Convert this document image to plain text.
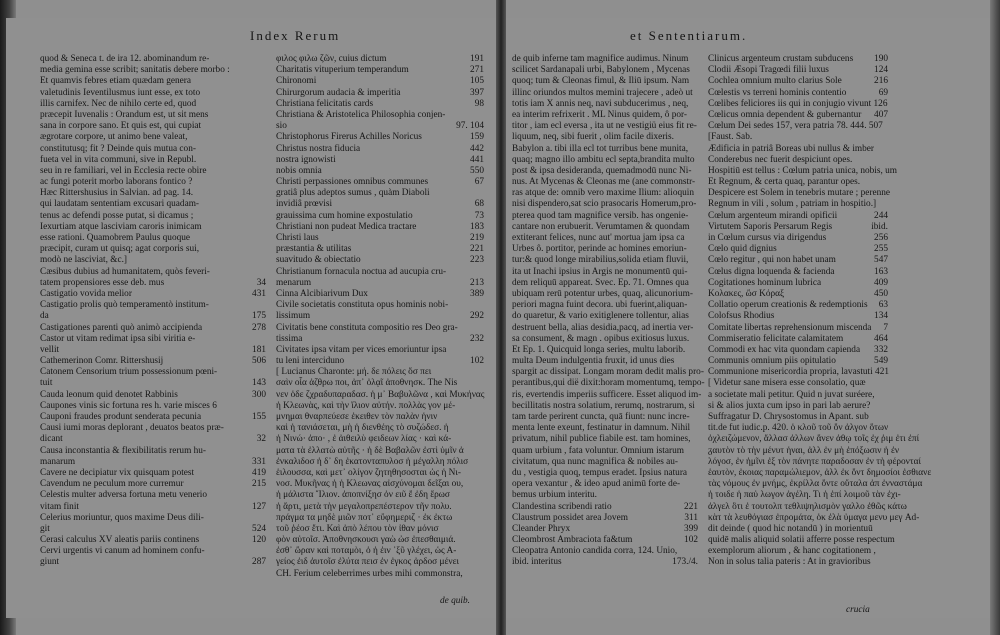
Index Rerum	et Sententiarum.
quod & Seneca t. de ira 12. abominandum re-
media gemina esse scribit; sanitatis debere morbo :
Et quamvis febres etiam quædam genera
valetudinis Ieventilusmus iunt esse, ex toto
illis carnifex. Nec de nihilo certe ed, quod
præcepit Iuvenalis : Orandum est, ut sit mens
sana in corpore sano. Et quis est, qui cupiat
ægrotare corpore, ut animo bene valeat,
constitutusq; fit ? Deinde quis mutua con-
fueta vel in vita communi, sive in Republ.
seu in re familiari, vel in Ecclesia recte obire
ac fungi poterit morbo laborans fontico ?
Hæc Rittershusius in Salvian. ad pag. 14.
qui laudatam sententiam excusari quadam-
tenus ac defendi posse putat, si dicamus ;
Iexurtiam atque lasciviam caroris inimicam
esse rationi. Quamobrem Paulus quoque
præcipit, curam ut quisq; agat corporis sui,
modò ne lasciviat, &c.]
Cæsibus dubius ad humanitatem, quòs feveri-
tatem propensiores esse deb. mus	34
Castigatio vovida melior	431
Castigatio prolis quò temperamentò institum-
da	175
Castigationes parenti quò animò accipienda	278
Castor ut vitam redimat ipsa sibi viritia e-
vellit	181
Cathemerinon Comr. Rittershusij	506
Catonem Censorium trium possessionum pœni-
tuit	143
Cauda leonum quid denotet Rabbinis	300
Caupones vinis sic fortuna res h. varie misces 6
Cauponi fraudes produnt senderata pecunia	155
Causi iumi moras deplorant , deuatos beatos præ-
dicant	32
Causa inconstantia & flexibilitatis rerum hu-
manarum	331
Cavere ne decipiatur vix quisquam potest	419
Cavendum ne peculum more curremur	215
Celestis multer adversa fortuna metu venerio
vitam finit	127
Celerius moriuntur, quos maxime Deus dili-
git	524
Cerasi calculus XV aleatis pariis continens	120
Cervi urgentis vi canum ad hominem confu-
giunt	287
φιλος φιλω ζῶν, cuius dictum	191
Charitatis vituperium temperandum	271
Chironomi	105
Chirurgorum audacia & imperitia	397
Christiana felicitatis cards	98
Christiana & Aristotelica Philosophia conjen-
sio	97. 104
Christophorus Firerus Achilles Noricus	159
Christus nostra fiducia	442
nostra ignowisti	441
nobis omnia	550
Christi perpassiones omnibus communes	67
gratiâ plus adeptos sumus , quàm Diaboli
invidiâ prœvisi	68
grauissima cum homine expostulatio	73
Christiani non pudeat Medica tractare	183
Christi laus	219
præstantia & utilitas	221
suavitudo & obiectatio	223
Christianum fornacula noctua ad aucupia cru-
menarum	213
Cinna Alcibiarivum Dux	389
Civile societatis constituta opus hominis nobi-
lissimum	292
Civitatis bene constituta compositio res Deo gra-
tissima	232
Civitates ipsa vitam per vices emoriuntur ipsa
tu leni interciduno	102
[ Lucianus Charonte: μή. δε πόλεις ὅσ πει
σαὶν οἷα ἀζθρω ποι, ἀπ᾽ ὀλᾳῖ ἀποθνησκ. The Nis
νεν ὁδε ζχραδυπαραδασ. ἡ μ᾽ Βαβυλῶνα , καὶ Μυκήνας
ἡ Κλεωνὰς, καὶ τὴν ἴλιον αὐτήν. πολλὰς γον μέ-
μνημαι θναρπεύεσε ἐκειθεν τὸν παλὰν ἡνιν
καὶ ἡ τανιάσεται, μὴ ἡ διενθέης τὸ συζώδεσ. ἡ
ἡ Νινώ· ἀπο· , ἐ ἀιθειλὺ φειδεων λίας · καὶ κά-
ματα τὰ ἐλλατὼ αὐτῆς · ἡ δὲ Βαβαλῶν ἐστὶ ὑμῖν ἀ
ἐνκαλιδοσ ἡ δ᾽ δη ἐκατονταπυλοσ ἡ μέγαλλη πόλισ
ἑιλουσσα, καὶ μετ᾽ ολίγον ζητηθησοσται ὡς ἡ Νι-
νοσ. Μυκῆνας ἡ ἡ Κλεωνας αἰσχύνομαι δεῖξαι ου,
ἡ μάλιστα Ἴλιον. ἀποπνίξησ ὀν ειῦ ἔ ἐδη ἔρωσ
ἡ ἄρτι, μετὰ τὴν μεγαλοπρεπέστερον τῆν πολυ.
πράγμα τα μηδὲ μιῶν ποτ᾽ εὔφημεριζ · ἐκ ἐκτω
τοῦ ῥέοσ ἔτι. Καὶ ἀπὸ λέπου τὸν ἰθαν μόνισ
φὸν αὐτοῖσ. Ἀποθνησκουσι γαὼ ὠσ ἐπεσθαιμιά.
ἐσθ᾽ ὥραν καὶ ποταμὸι, ὁ ἡ ἐιν ᾽ξῦ γλέχει, ὡς Α-
γείος ἐιδ ἀυτοῖσ ἐλύτα πεισ ἐν ἐγκος ἀρδοσ μένει
CH. Ferium celeberrimes urbes mihi commonstra,
de quib inferne tam magnifice audimus. Ninum
scilicet Sardanapali urbi, Babylonem , Mycenas
quoq; tum & Cleonas fimul, & Iliū ipsum. Nam
illinc oriundos multos memini trajecere , adeò ut
totis iam X annis neq, navi subducerimus , neq,
ea interim refrixerit . ML Ninus quidem, ô por-
titor , iam ecl eversa , ita ut ne vestigiü eius fit re-
liquum, neq, sibi fuerit , olim facile dixeris.
Babylon a. tibi illa ecl tot turribus bene munita,
quaq; magno illo ambitu ecl septa,brandita multo
post & ipsa desideranda, quemadmodū nunc Ni-
nus. At Mycenas & Cleonas me (ane commonstr-
ras atque de: omnib vero maxime Ilium: alioquin
nisi dispendero,sat scio prasocaris Homerum,pro-
pterea quod tam magnifice versib. has ongenie-
cantare non erubuerit. Verumtamen & quondam
extiterant felices, nunc aut' mortua jam ipsa ca
Urbes ô. portitor, perinde ac homines emoriun-
tur:& quod longe mirabilius,solida etiam fluvii,
ita ut Inachi ipsius in Argis ne monumentū qui-
dem reliquū appareat. Svec. Ep. 71. Omnes qua
ubiquam rerū potentur urbes, quaq, alicunorium-
periori magna fuint decora. ubi fuerint,aliquan-
do quaretur, & vario exitiglenere tollentur, alias
destruent bella, alias desidia,pacq, ad inertia ver-
sa consument, & magn . opibus exitiosus luxus.
Et Ep. 1. Quicquid longa series, multu laborib.
multa Deum indulgentia fruxit, id unus dies
spargit ac dissipat. Longam moram dedit malis pro-
perantibus,qui dië dixit:horam momentumq, tempo-
ris, evertendis imperiis sufficere. Esset aliquod im-
becillitatis nostra solatium, rerumq, nostrarum, si
tam tarde perirent cuncta, quā fiunt: nunc incre-
menta lente exeunt, festinatur in damnum. Nihil
privatum, nihil publice fiabile est. tam homines,
quam urbium , fata voluntur. Omnium istarum
civitatum, qua nunc magnifica & nobiles au-
du , vestigia quoq, tempus eradet. Ipsius natura
opera vexantur , & ideo apud animū forte de-
bemus urbium interitu.
Clandestina scribendi ratio	221
Claustrum possidet area Jovem	311
Cleander Phryx	399
Cleombrost Ambraciota fa&tum	102
Cleopatra Antonio candida corra, 124. Unio,
ibid. interitus	173./4.
Clinicus argenteum crustam subducens 190
Clodii Æsopi Tragœdi filii luxus	124
Cochlea omnium multo clarius Sole	216
Cœlestis vs terreni hominis contentio	69
Cœlibes feliciores iis qui in conjugio vivunt 126
Cœlicus omnia dependent & gubernantur 407
Cœlum Dei sedes 157, vera patria 78. 444. 507
[Faust. Sab.
Ædificia in patriâ Boreas ubi nullus & imber
Conderebus nec fuerit despiciunt opes.
Hospitiū est tellus : Cœlum patria unica, nobis, um
Et Regnum, & certa quaq, parantur opes.
Despicere est Solem in tenebris mutare ; perenne
Regnum in vili , solum , patriam in hospitio.]
Cœlum argenteum mirandi opificii	244
Virtutem Saporis Persarum Regis	ibid.
in Cœlum cursus via dirigendus	256
Cœlo quid dignius	255
Cœlo regitur , qui non habet unam	547
Cœlus digna loquenda & facienda	163
Cogitationes hominum lubrica	409
Κολακες, ὥσ Κόραξ	450
Collatio operum creationis & redemptionis 63
Colofsus Rhodius	134
Comitate libertas reprehensionum miscenda 7
Commiseratio felicitate calamitatem	464
Commodi ex hac vita quondam capienda 332
Communis omnium piis opitulatio	549
Communione misericordia propria, lavastuti 421
[ Videtur sane misera esse consolatio, quæ
a societate mali petitur. Quid n juvat suréere,
si & alios juxta cum ipso in pari lab aerure?
Suffragatur D. Chrysostomus in Apant. sub
tit.de fut iudic.p. 420. ὁ κλοῦ τοῦ ὄν ἀλγον ὅτων
ὀχλειζώμενον, ἄλλασ ἀλλων ἅνεν ἀθῳ τοῖς ἐχ ῥιμ ἐτι ἐπί
ᵹαυτὸν τὸ τὴν μένυτ ἡναι, ἀλλ ἐν μὴ ἐπόξωσιν ἡ ἐν
λόγοσ, ἐν ἡμῖνι ἐξ τὸν πάνητε παραδοσαν ἐν τὴ φέρονταί
ἑαυτὸν, ἐκοιας παραμώλιεμον, ἀλλ ἐκ ὄντ δημοσίοι ἐσθιανε
τὰς νόμους ἐν μνήμς, ἐκρίλλα ὄντε οὕταλα ἀπ ἐνναστάμα
ἡ τοιδε ἡ παὐ λωγον ἀγέλη. Τι ἡ ἐπί λοιμοῦ τὰν ἐχι-
ἀλγελ ὃτι ἐ τουτολπ τεθλιψηλισμὸν γαλλο ἐθῶς κάτω
κὰτ τὰ λευθόγιασ ἐπρομάτα, ὁκ ἐλὰ ὐμαγα μενυ μεγ Ad-
dit deinde ( quod hic notandū ) in morientuū
quidē malis aliquid solatii afferre posse respectum
exemplorum aliorum , & hanc cogitationem ,
Non in solus talia pateris : At in gravioribus
de quib.
crucia
